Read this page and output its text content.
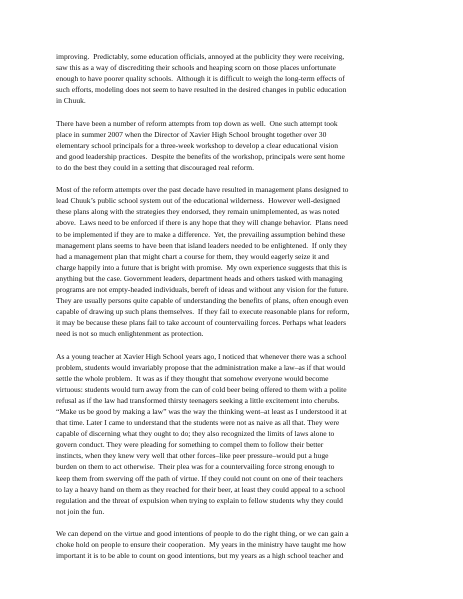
improving.  Predictably, some education officials, annoyed at the publicity they were receiving,
saw this as a way of discrediting their schools and heaping scorn on those places unfortunate
enough to have poorer quality schools.  Although it is difficult to weigh the long-term effects of
such efforts, modeling does not seem to have resulted in the desired changes in public education
in Chuuk.
There have been a number of reform attempts from top down as well.  One such attempt took
place in summer 2007 when the Director of Xavier High School brought together over 30
elementary school principals for a three-week workshop to develop a clear educational vision
and good leadership practices.  Despite the benefits of the workshop, principals were sent home
to do the best they could in a setting that discouraged real reform.
Most of the reform attempts over the past decade have resulted in management plans designed to
lead Chuuk’s public school system out of the educational wilderness.  However well-designed
these plans along with the strategies they endorsed, they remain unimplemented, as was noted
above.  Laws need to be enforced if there is any hope that they will change behavior.  Plans need
to be implemented if they are to make a difference.  Yet, the prevailing assumption behind these
management plans seems to have been that island leaders needed to be enlightened.  If only they
had a management plan that might chart a course for them, they would eagerly seize it and
charge happily into a future that is bright with promise.  My own experience suggests that this is
anything but the case. Government leaders, department heads and others tasked with managing
programs are not empty-headed individuals, bereft of ideas and without any vision for the future.
They are usually persons quite capable of understanding the benefits of plans, often enough even
capable of drawing up such plans themselves.  If they fail to execute reasonable plans for reform,
it may be because these plans fail to take account of countervailing forces. Perhaps what leaders
need is not so much enlightenment as protection.
As a young teacher at Xavier High School years ago, I noticed that whenever there was a school
problem, students would invariably propose that the administration make a law–as if that would
settle the whole problem.  It was as if they thought that somehow everyone would become
virtuous: students would turn away from the can of cold beer being offered to them with a polite
refusal as if the law had transformed thirsty teenagers seeking a little excitement into cherubs.
“Make us be good by making a law” was the way the thinking went–at least as I understood it at
that time. Later I came to understand that the students were not as naive as all that. They were
capable of discerning what they ought to do; they also recognized the limits of laws alone to
govern conduct. They were pleading for something to compel them to follow their better
instincts, when they knew very well that other forces–like peer pressure–would put a huge
burden on them to act otherwise.  Their plea was for a countervailing force strong enough to
keep them from swerving off the path of virtue. If they could not count on one of their teachers
to lay a heavy hand on them as they reached for their beer, at least they could appeal to a school
regulation and the threat of expulsion when trying to explain to fellow students why they could
not join the fun.
We can depend on the virtue and good intentions of people to do the right thing, or we can gain a
choke hold on people to ensure their cooperation.  My years in the ministry have taught me how
important it is to be able to count on good intentions, but my years as a high school teacher and
